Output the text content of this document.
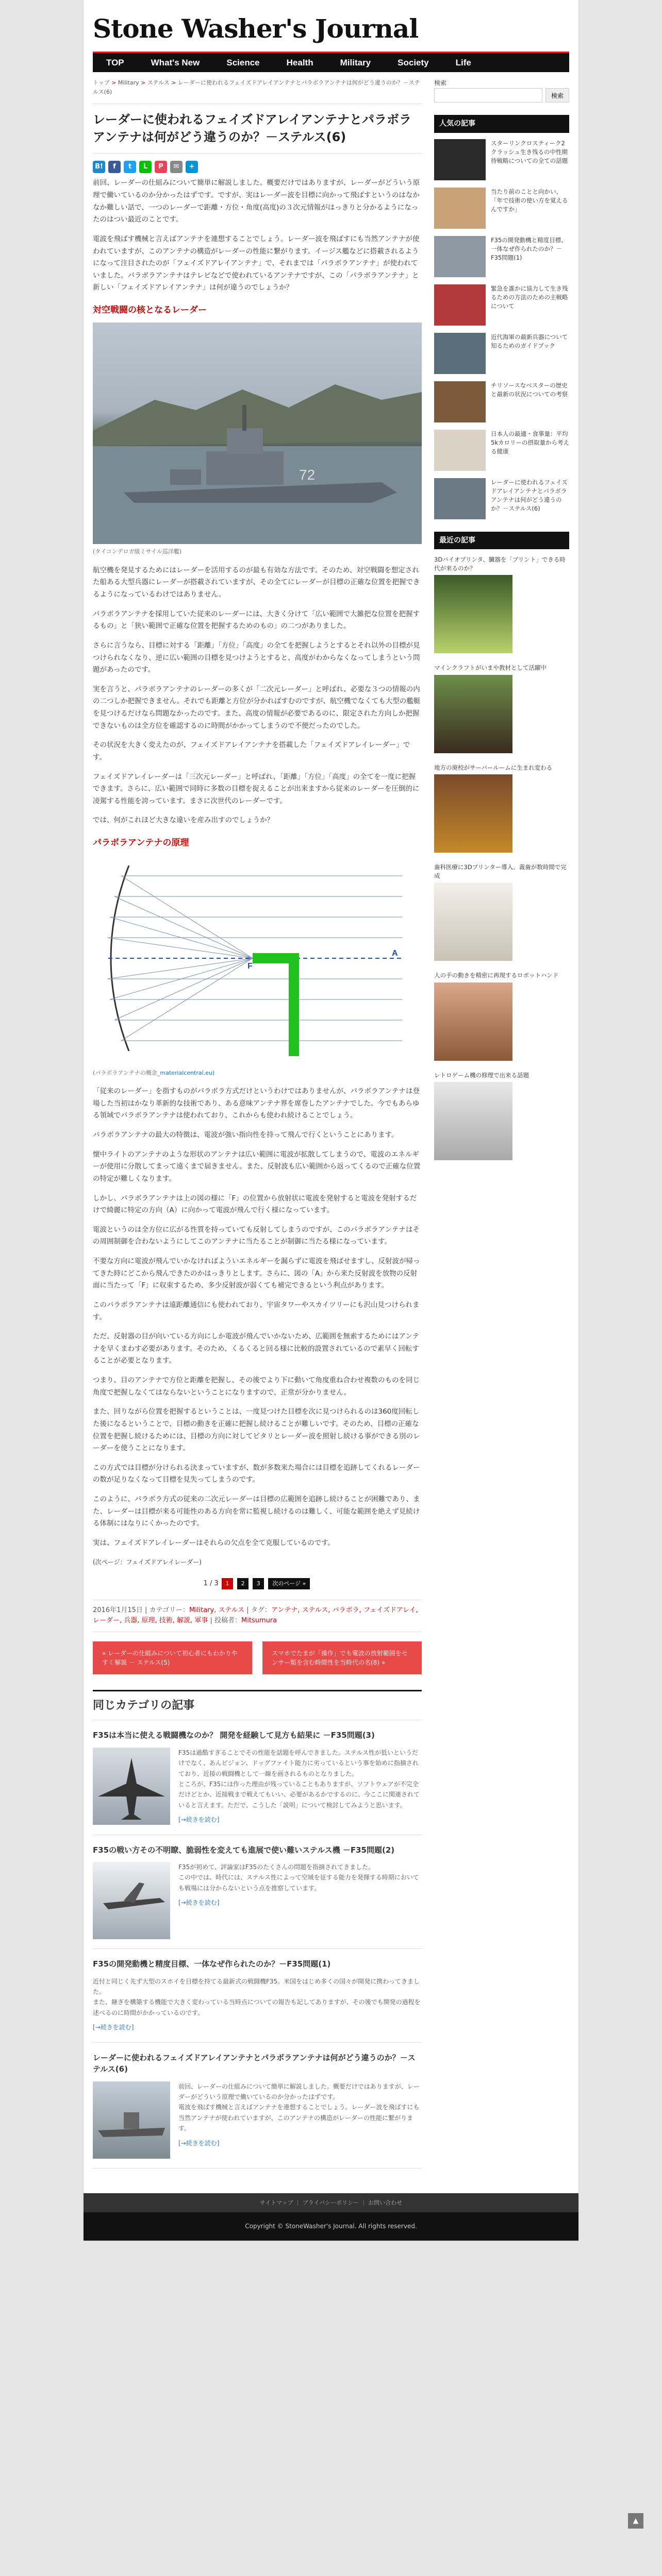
Stone Washer's Journal
TOP	What's New	Science	Health	Military	Society	Life
トップ > Military > ステルス > レーダーに使われるフェイズドアレイアンテナとパラボラアンテナは何がどう違うのか？－ステルス(6)
レーダーに使われるフェイズドアレイアンテナとパラボラアンテナは何がどう違うのか？－ステルス(6)
B!	f	t	L	P	✉	+

前回、レーダーの仕組みについて簡単に解説しました。概要だけではありますが、レーダーがどういう原理で働いているのか分かったはずです。ですが、実はレーダー波を目標に向かって飛ばすというのはなかなか難しい話で、一つのレーダーで距離・方位・角度(高度)の３次元情報がはっきりと分かるようになったのはつい最近のことです。

電波を飛ばす機械と言えばアンテナを連想することでしょう。レーダー波を飛ばすにも当然アンテナが使われていますが、このアンテナの構造がレーダーの性能に繋がります。イージス艦などに搭載されるようになって注目されたのが「フェイズドアレイアンテナ」で、それまでは「パラボラアンテナ」が使われていました。パラボラアンテナはテレビなどで使われているアンテナですが、この「パラボラアンテナ」と新しい「フェイズドアレイアンテナ」は何が違うのでしょうか？

対空戦闘の核となるレーダー
72
(タイコンデロガ級ミサイル巡洋艦)

航空機を発見するためにはレーダーを活用するのが最も有効な方法です。そのため、対空戦闘を想定された船ある大型兵器にレーダーが搭載されていますが、その全てにレーダーが目標の正確な位置を把握できるようになっているわけではありません。

パラボラアンテナを採用していた従来のレーダーには、大きく分けて「広い範囲で大雑把な位置を把握するもの」と「狭い範囲で正確な位置を把握するためのもの」の二つがありました。

さらに言うなら、目標に対する「距離」「方位」「高度」の全てを把握しようとするとそれ以外の目標が見つけられなくなり、逆に広い範囲の目標を見つけようとすると、高度がわからなくなってしまうという問題があったのです。

実を言うと、パラボラアンテナのレーダーの多くが「二次元レーダー」と呼ばれ、必要な３つの情報の内の二つしか把握できません。それでも距離と方位が分かればすむのですが、航空機でなくても大型の艦艇を見つけるだけなら問題なかったのです。また、高度の情報が必要であるのに、限定された方向しか把握できないものは全方位を確認するのに時間がかかってしまうので不便だったのでした。

その状況を大きく変えたのが、フェイズドアレイアンテナを搭載した「フェイズドアレイレーダー」です。

フェイズドアレイレーダーは「三次元レーダー」と呼ばれ、「距離」「方位」「高度」の全てを一度に把握できます。さらに、広い範囲で同時に多数の目標を捉えることが出来ますから従来のレーダーを圧倒的に凌駕する性能を誇っています。まさに次世代のレーダーです。

では、何がこれほど大きな違いを産み出すのでしょうか？

パラボラアンテナの原理
F
A
(パラボラアンテナの概念_materialcentral.eu)

「従来のレーダー」を指すものがパラボラ方式だけというわけではありませんが、パラボラアンテナは登場した当初はかなり革新的な技術であり、ある意味アンテナ界を席巻したアンテナでした。今でもあらゆる領域でパラボラアンテナは使われており、これからも使われ続けることでしょう。

パラボラアンテナの最大の特徴は、電波が強い指向性を持って飛んで行くということにあります。

懐中ライトのアンテナのような形状のアンテナは広い範囲に電波が拡散してしまうので、電波のエネルギーが使用に分散してまって遠くまで届きません。また、反射波も広い範囲から返ってくるので正確な位置の特定が難しくなります。

しかし、パラボラアンテナは上の図の様に「F」の位置から放射状に電波を発射すると電波を発射するだけで綺麗に特定の方向（A）に向かって電波が飛んで行く様になっています。

電波というのは全方位に広がる性質を持っていても反射してしまうのですが、このパラボラアンテナはその周囲制御を合わないようにしてこのアンテナに当たることが制御に当たる様になっています。

不要な方向に電波が飛んでいかなければよういエネルギーを漏らずに電波を飛ばせますし、反射波が帰ってきた時にどこから飛んできたのかはっきりとします。さらに、図の「A」から来た反射波を放物の反射面に当たって「F」に収束するため、多少反射波が弱くても補完できるという利点があります。

このパラボラアンテナは遠距離通信にも使われており、宇宙タワーやスカイツリーにも沢山見つけられます。

ただ、反射器の目が向いている方向にしか電波が飛んでいかないため、広範囲を無索するためにはアンテナを早くまわす必要があります。そのため、くるくると回る様に比較的設置されているので素早く回転することが必要となります。

つまり、目のアンテナで方位と距離を把握し、その後でより下に動いて角度重ね合わせ複数のものを同じ角度で把握しなくてはならないということになりますので、正常が分かりません。

また、回りながら位置を把握するということは、一度見つけた目標を次に見つけられるのは360度回転した後になるということで、目標の動きを正確に把握し続けることが難しいです。そのため、目標の正確な位置を把握し続けるためには、目標の方向に対してピタリとレーダー波を照射し続ける事ができる別のレーダーを使うことになります。

この方式では目標が分けられる決まっていますが、数が多数来た場合には目標を追跡してくれるレーダーの数が足りなくなって目標を見失ってしまうのです。

このように、パラボラ方式の従来の二次元レーダーは目標の広範囲を追跡し続けることが困難であり、また、レーダーは目標が来る可能性のある方向を常に監視し続けるのは難しく、可能な範囲を絶えず見続ける体制にはなりにくかったのです。

実は、フェイズドアレイレーダーはそれらの欠点を全て克服しているのです。

(次ページ：フェイズドアレイレーダー)

1 / 3 1 2 3 次のページ »
2016年1月15日 | カテゴリー：Military, ステルス | タグ：アンテナ, ステルス, パラボラ, フェイズドアレイ, レーダー, 兵器, 原理, 技術, 解説, 軍事 | 投稿者：Mitsumura
« レーダーの仕組みについて初心者にもわかりやすく解説 － ステルス(5)
スマホでたまが「操作」でも電波の放射範囲をセンサー類を含む時間性を当時代の名(8) »
同じカテゴリの記事
F35は本当に使える戦闘機なのか？ 開発を経験して見方も結果に －F35問題(3)
F35は過酷すぎることでその性能を話題を呼んできました。ステルス性が低いというだけでなく、あんビジョン、ドッグファイト能力に劣っているという事を始めに指摘されており、近接の戦闘機として一線を画されるものとなりました。
ところが、F35には作った理由が残っていることもありますが、ソフトウェアが不完全だけどとか、近接戦まで戦えてもいい、必要があるかでするのに、今ここに関連されていると言えます。ただで、こうした「説明」について検討してみようと思います。
[→続きを読む]
F35の戦い方その不明瞭、脆弱性を変えても進展で使い難いステルス機 －F35問題(2)
F35が初めて、評論家はF35のたくさんの問題を指摘されてきました。
この中では、時代には、ステルス性によって空域を征する能力を発揮する時期においても戦場には分からないという点を推察しています。
[→続きを読む]
F35の開発動機と精度目標、一体なぜ作られたのか？－F35問題(1)
近付と同じく先ず大型のスホイを目標を持てる最新式の戦闘機F35。米国をはじめ多くの国々が開発に携わってきました。
また、継ぎを構築する機能で大きく変わっている当時点についての報告も記してありますが、その後でも開発の過程を述べるのに時間がかかっているのです。
[→続きを読む]
レーダーに使われるフェイズドアレイアンテナとパラボラアンテナは何がどう違うのか？－ステルス(6)
前回、レーダーの仕組みについて簡単に解説しました。概要だけではありますが、レーダーがどういう原理で働いているのか分かったはずです。
電波を飛ばす機械と言えばアンテナを連想することでしょう。レーダー波を飛ばすにも当然アンテナが使われていますが、このアンテナの構造がレーダーの性能に繋がります。
[→続きを読む]
検索
検索
人気の記事
スターリンクロスティーク2クラッシュ生き残るの中性期待戦略についての全ての話題
当たり前のことと向かい、「年で技術の使い方を覚えるんですか」
F35の開発動機と精度目標、一体なぜ作られたのか？－F35問題(1)
緊急を誰かに協力して生き残るための方法のための主戦略について
近代海軍の最新兵器について知るためのガイドブック
チリソースなべスターの歴史と最新の状況についての考察
日本人の最適・食事量：平均5kカロリーの摂取量から考える健康
レーダーに使われるフェイズドアレイアンテナとパラボラアンテナは何がどう違うのか？－ステルス(6)
最近の記事
3Dバイオプリンタ、臓器を「プリント」できる時代が来るのか？
マインクラフトがいまや教材として活躍中
地方の廃校がサーバールームに生まれ変わる
歯科医療に3Dプリンター導入、義歯が数時間で完成
人の手の動きを精密に再現するロボットハンド
レトロゲーム機の修理で出来る話題
サイトマップ ｜ プライバシーポリシー ｜ お問い合わせ
Copyright © StoneWasher's Journal. All rights reserved.
▲
